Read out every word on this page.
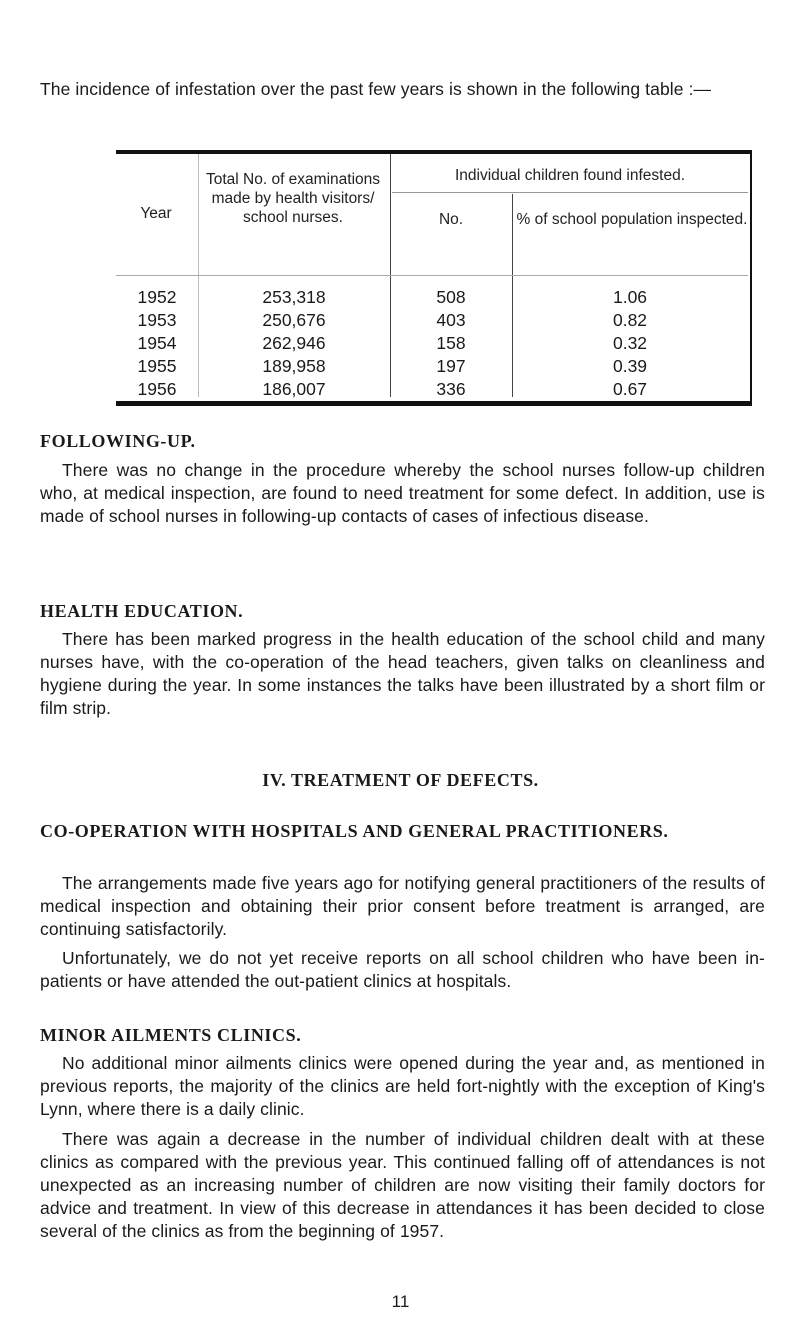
The incidence of infestation over the past few years is shown in the following table :—

Year
Total No. of examinations made by health visitors/ school nurses.
Individual children found infested.
No.	% of school population inspected.
1952
1953
1954
1955
1956
253,318
250,676
262,946
189,958
186,007
508
403
158
197
336
1.06
0.82
0.32
0.39
0.67
FOLLOWING-UP.

There was no change in the procedure whereby the school nurses follow-up children who, at medical inspection, are found to need treatment for some defect. In addition, use is made of school nurses in following-up contacts of cases of infectious disease.

HEALTH EDUCATION.

There has been marked progress in the health education of the school child and many nurses have, with the co-operation of the head teachers, given talks on cleanliness and hygiene during the year. In some instances the talks have been illustrated by a short film or film strip.

IV. TREATMENT OF DEFECTS.
CO-OPERATION WITH HOSPITALS AND GENERAL PRACTITIONERS.

The arrangements made five years ago for notifying general practitioners of the results of medical inspection and obtaining their prior consent before treatment is arranged, are continuing satisfactorily.

Unfortunately, we do not yet receive reports on all school children who have been in-patients or have attended the out-patient clinics at hospitals.

MINOR AILMENTS CLINICS.

No additional minor ailments clinics were opened during the year and, as mentioned in previous reports, the majority of the clinics are held fort-nightly with the exception of King's Lynn, where there is a daily clinic.

There was again a decrease in the number of individual children dealt with at these clinics as compared with the previous year. This continued falling off of attendances is not unexpected as an increasing number of children are now visiting their family doctors for advice and treatment. In view of this decrease in attendances it has been decided to close several of the clinics as from the beginning of 1957.

11
